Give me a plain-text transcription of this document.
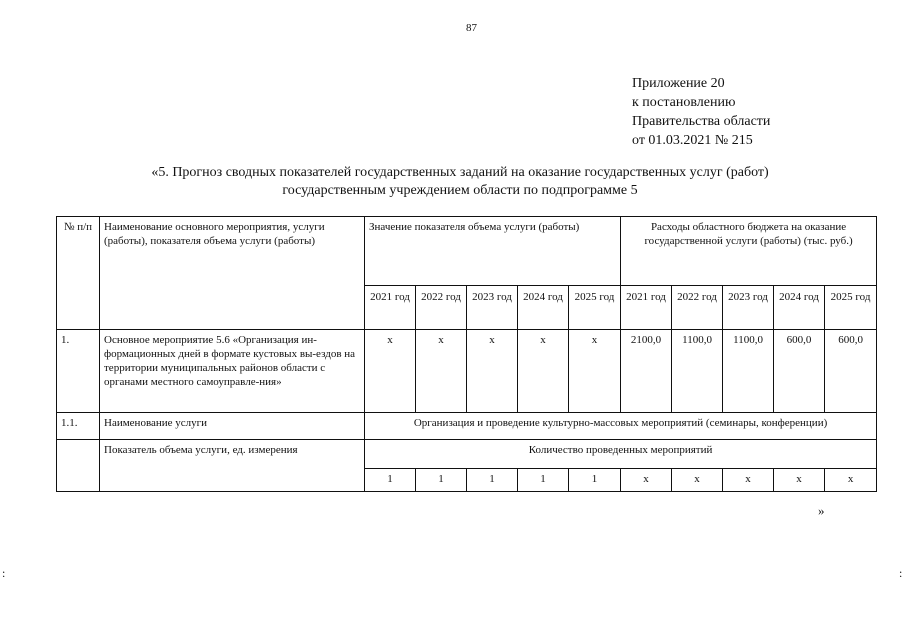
87
Приложение 20
к постановлению
Правительства области
от 01.03.2021 № 215
«5. Прогноз сводных показателей государственных заданий на оказание государственных услуг (работ)
государственным учреждением области по подпрограмме 5
№ п/п	Наименование основного мероприятия, услуги (работы), показателя объема услуги (работы)	Значение показателя объема услуги (работы)					Расходы областного бюджета на оказание государственной услуги (работы) (тыс. руб.)				
		2021 год	2022 год	2023 год	2024 год	2025 год	2021 год	2022 год	2023 год	2024 год	2025 год
1.	Основное мероприятие 5.6 «Организация ин-формационных дней в формате кустовых вы-ездов на территории муниципальных районов области с органами местного самоуправле-ния»	х	х	х	х	х	2100,0	1100,0	1100,0	600,0	600,0
1.1.	Наименование услуги	Организация и проведение культурно-массовых мероприятий (семинары, конференции)									
	Показатель объема услуги, ед. измерения	Количество проведенных мероприятий									
		1	1	1	1	1	х	х	х	х	х
»
:	:
